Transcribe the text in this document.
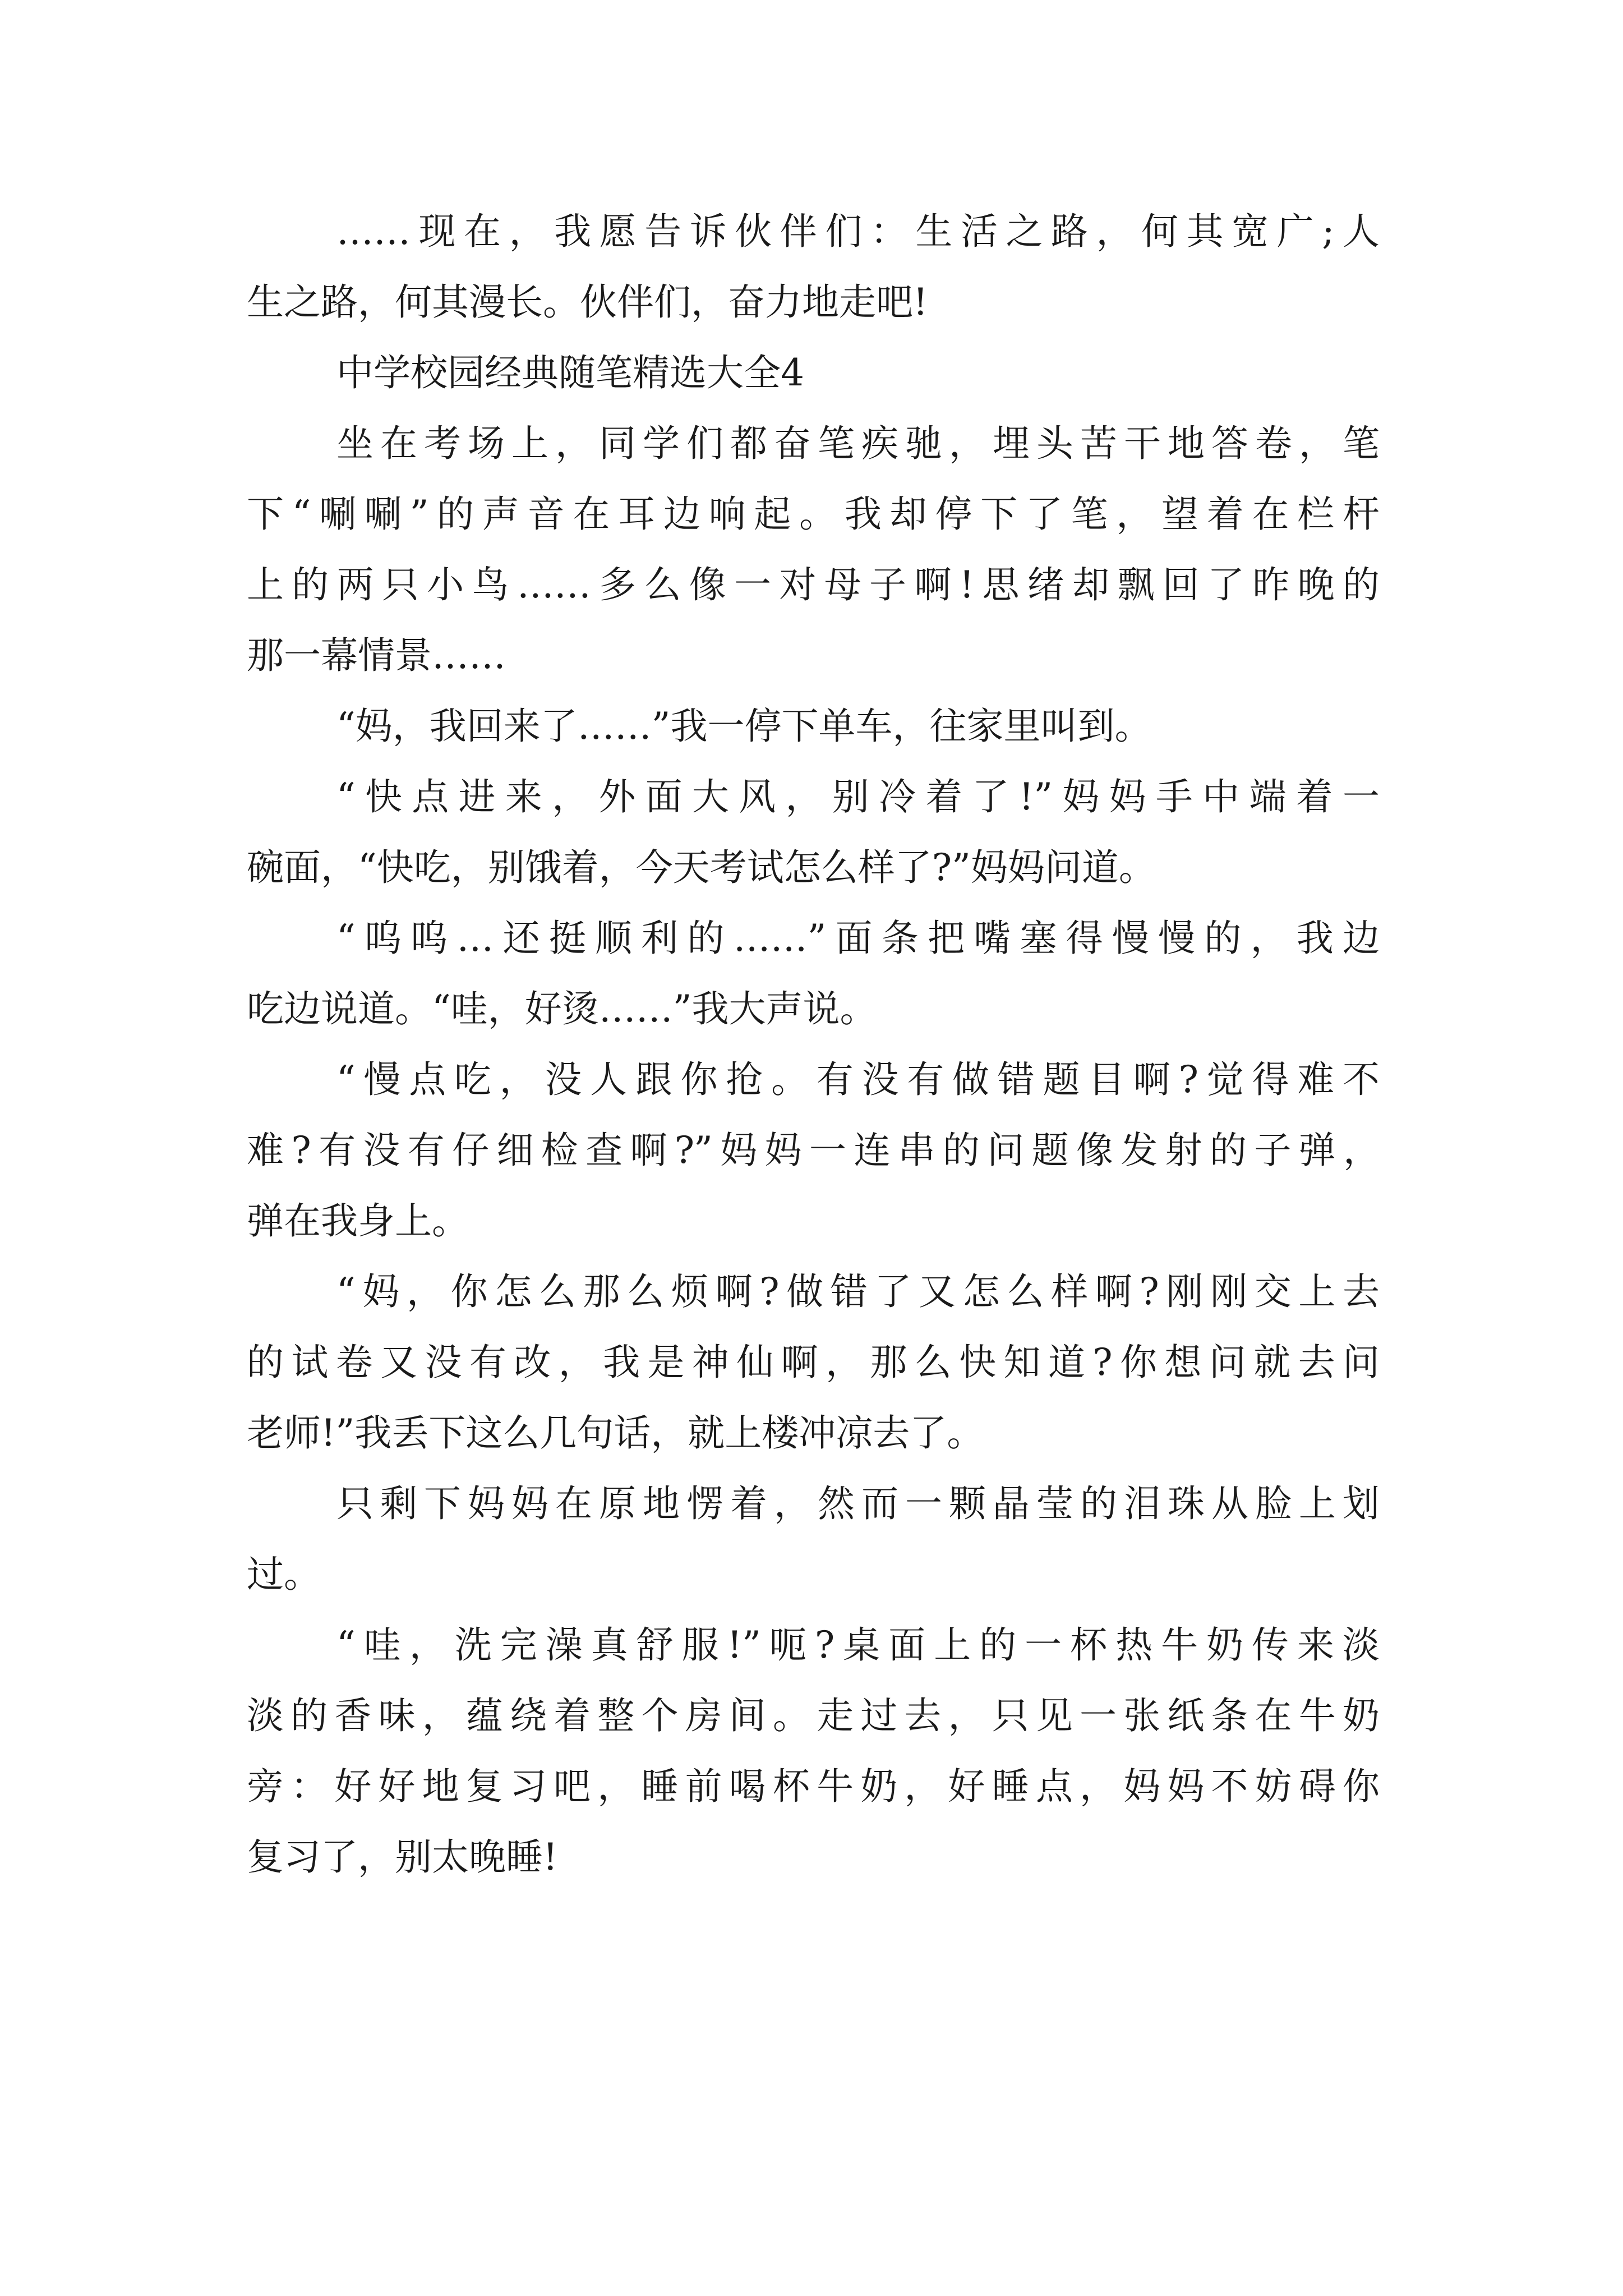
……现在，我愿告诉伙伴们：生活之路，何其宽广;人
生之路，何其漫长。伙伴们，奋力地走吧!
中学校园经典随笔精选大全4
坐在考场上，同学们都奋笔疾驰，埋头苦干地答卷，笔
下“唰唰”的声音在耳边响起。我却停下了笔，望着在栏杆
上的两只小鸟……多么像一对母子啊!思绪却飘回了昨晚的
那一幕情景……
“妈，我回来了……”我一停下单车，往家里叫到。
“快点进来，外面大风，别冷着了!”妈妈手中端着一
碗面，“快吃，别饿着，今天考试怎么样了?”妈妈问道。
“呜呜…还挺顺利的……”面条把嘴塞得慢慢的，我边
吃边说道。“哇，好烫……”我大声说。
“慢点吃，没人跟你抢。有没有做错题目啊?觉得难不
难?有没有仔细检查啊?”妈妈一连串的问题像发射的子弹，
弹在我身上。
“妈，你怎么那么烦啊?做错了又怎么样啊?刚刚交上去
的试卷又没有改，我是神仙啊，那么快知道?你想问就去问
老师!”我丢下这么几句话，就上楼冲凉去了。
只剩下妈妈在原地愣着，然而一颗晶莹的泪珠从脸上划
过。
“哇，洗完澡真舒服!”呃?桌面上的一杯热牛奶传来淡
淡的香味，蕴绕着整个房间。走过去，只见一张纸条在牛奶
旁：好好地复习吧，睡前喝杯牛奶，好睡点，妈妈不妨碍你
复习了，别太晚睡!
